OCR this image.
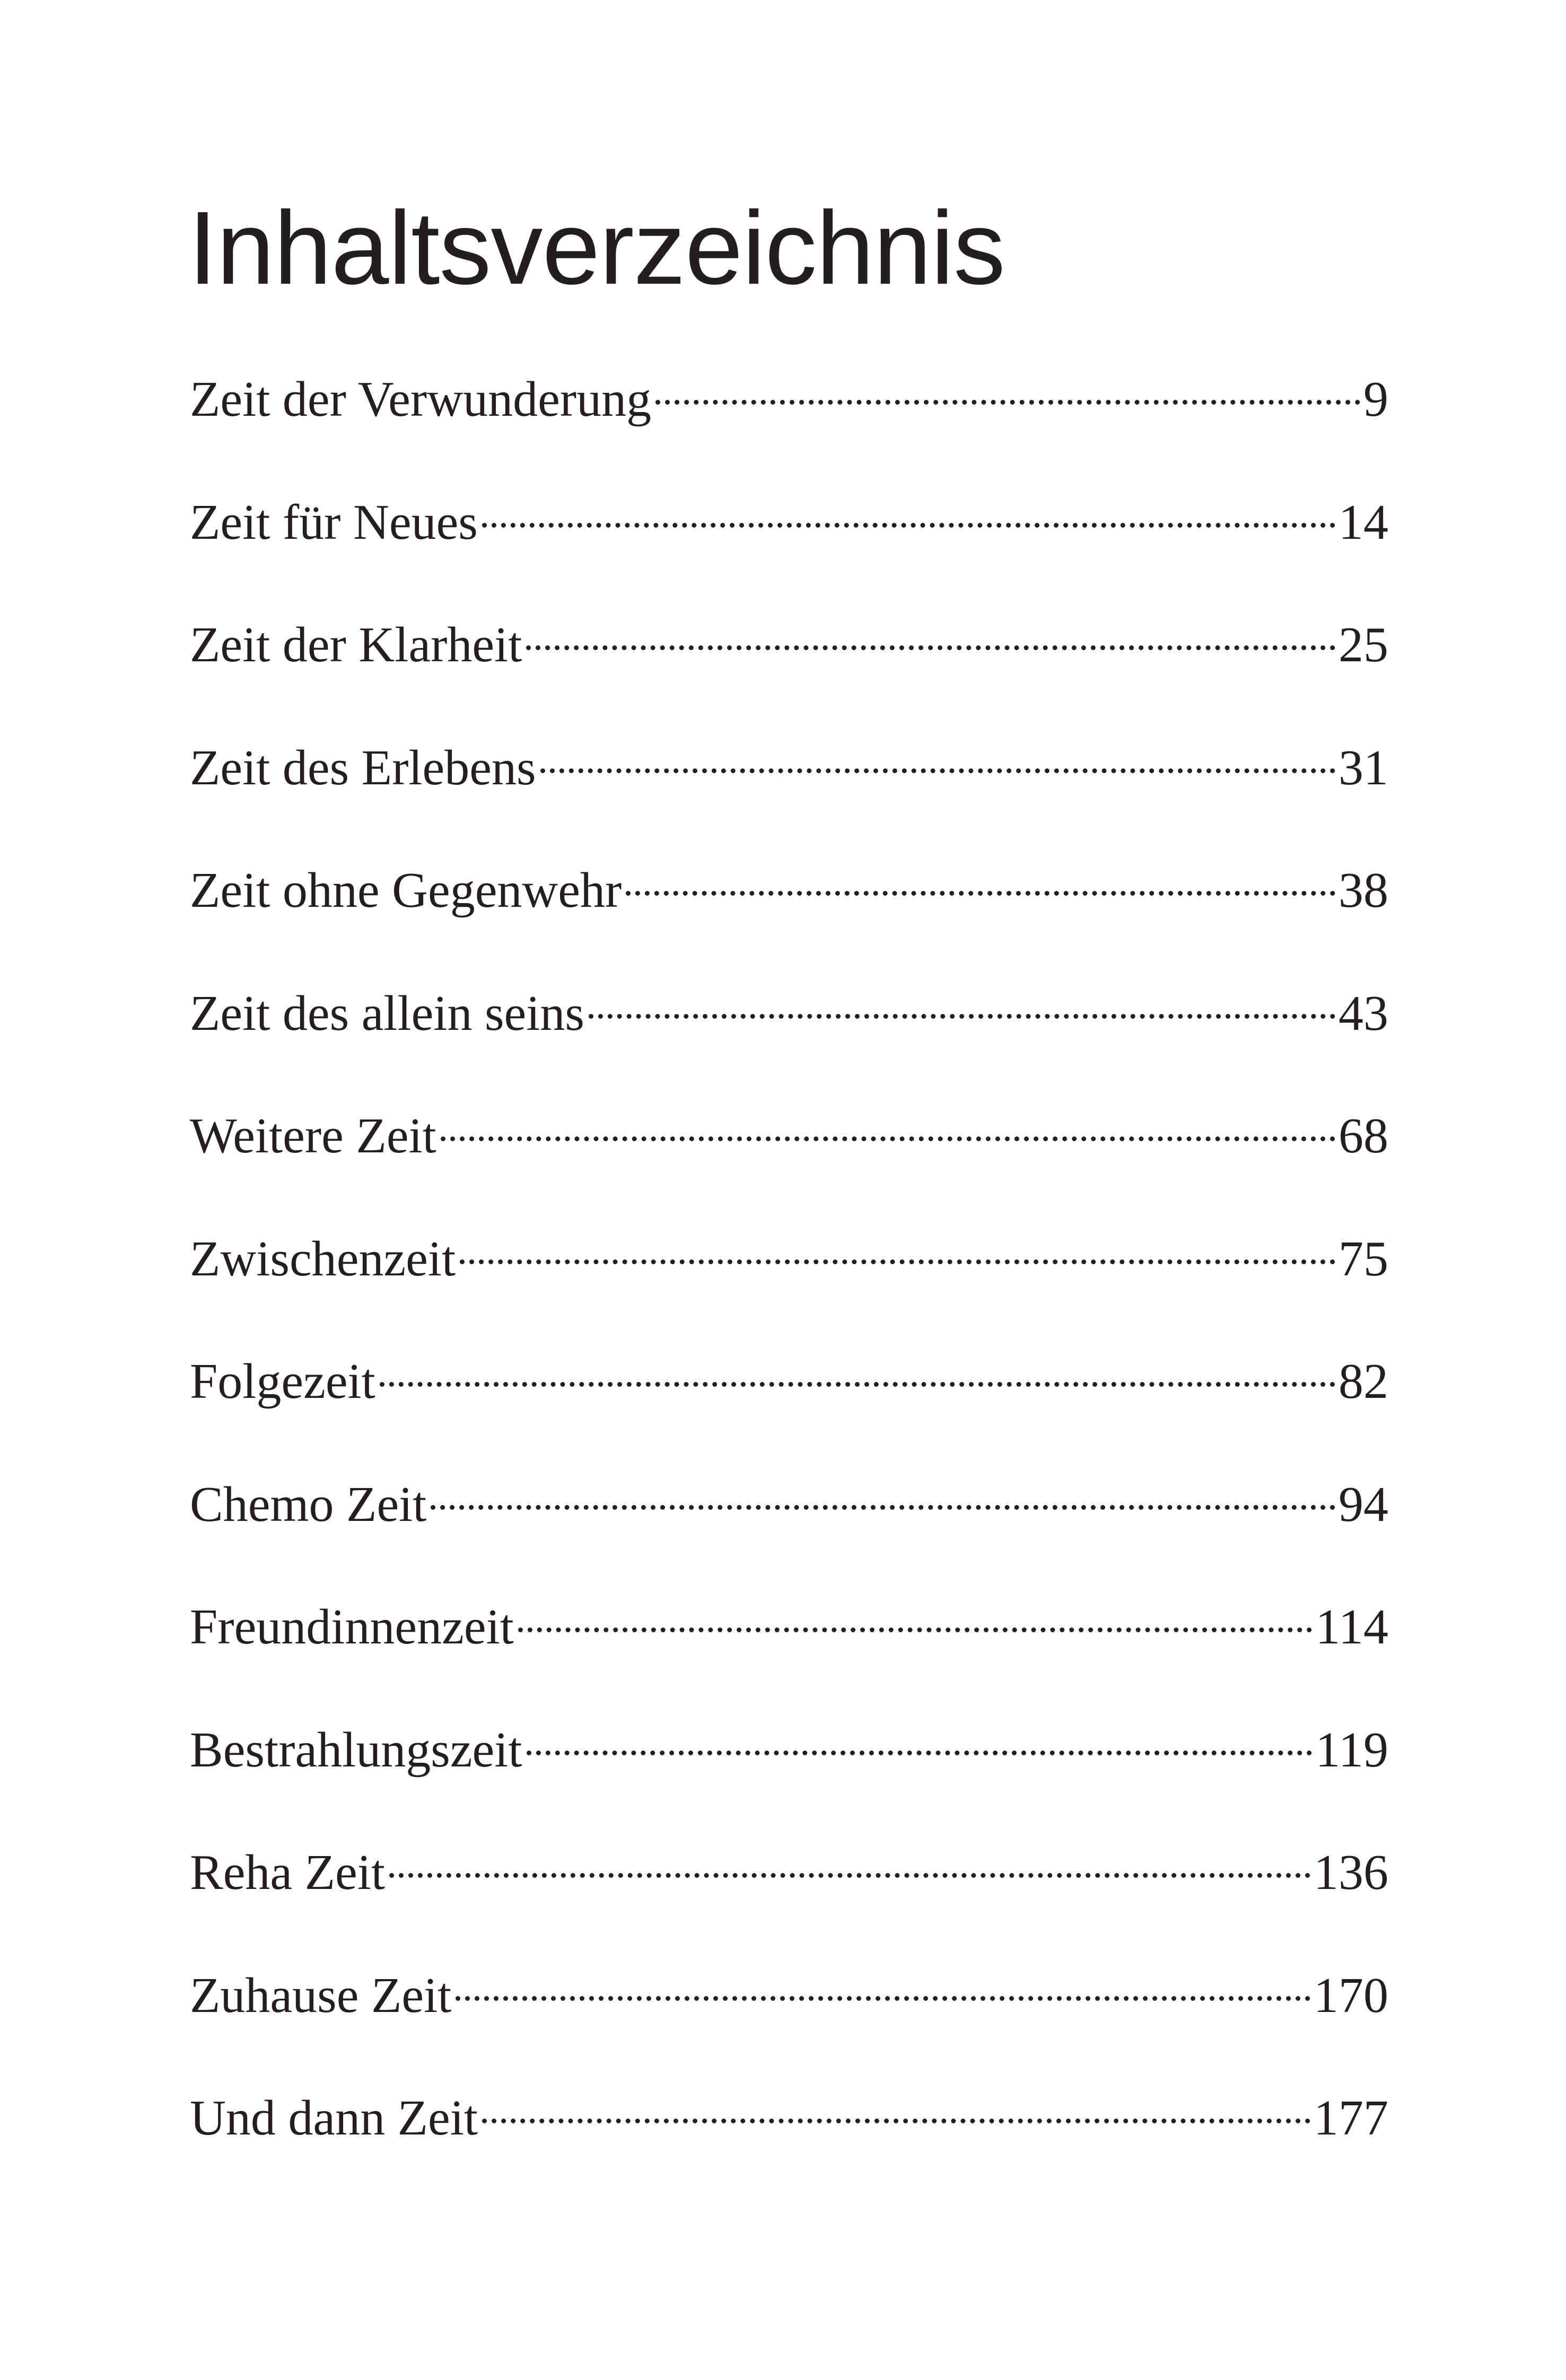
Inhaltsverzeichnis
Zeit der Verwunderung	9
Zeit für Neues	14
Zeit der Klarheit	25
Zeit des Erlebens	31
Zeit ohne Gegenwehr	38
Zeit des allein seins	43
Weitere Zeit	68
Zwischenzeit	75
Folgezeit	82
Chemo Zeit	94
Freundinnenzeit	114
Bestrahlungszeit	119
Reha Zeit	136
Zuhause Zeit	170
Und dann Zeit	177
